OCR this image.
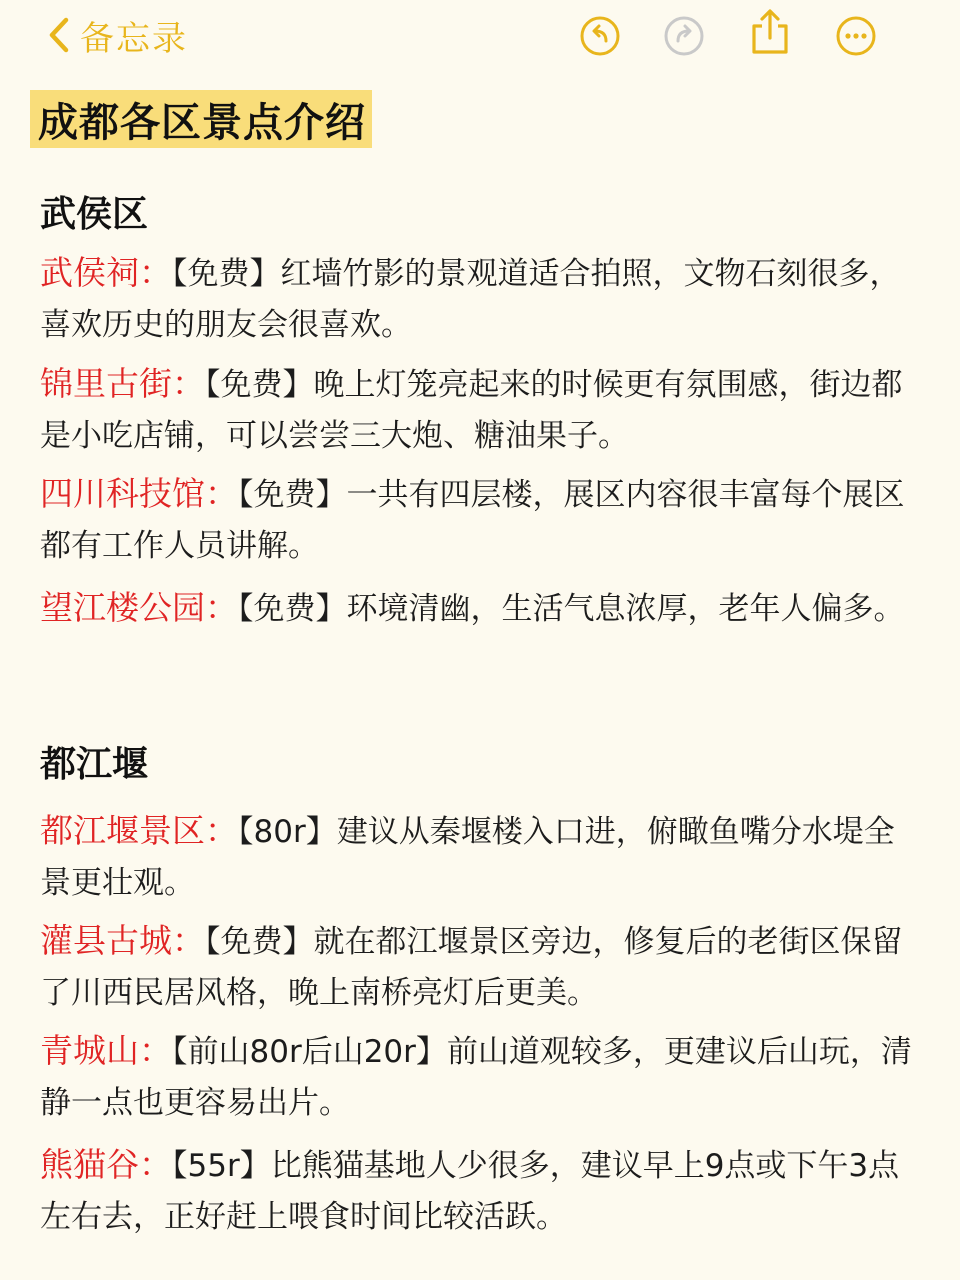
备忘录
成都各区景点介绍
武侯区
武侯祠：【免费】红墙竹影的景观道适合拍照，文物石刻很多，喜欢历史的朋友会很喜欢。
锦里古街：【免费】晚上灯笼亮起来的时候更有氛围感，街边都是小吃店铺，可以尝尝三大炮、糖油果子。
四川科技馆：【免费】一共有四层楼，展区内容很丰富每个展区都有工作人员讲解。
望江楼公园：【免费】环境清幽，生活气息浓厚，老年人偏多。
都江堰
都江堰景区：【80r】建议从秦堰楼入口进，俯瞰鱼嘴分水堤全景更壮观。
灌县古城：【免费】就在都江堰景区旁边，修复后的老街区保留了川西民居风格，晚上南桥亮灯后更美。
青城山：【前山80r后山20r】前山道观较多，更建议后山玩，清静一点也更容易出片。
熊猫谷：【55r】比熊猫基地人少很多，建议早上9点或下午3点左右去，正好赶上喂食时间比较活跃。
